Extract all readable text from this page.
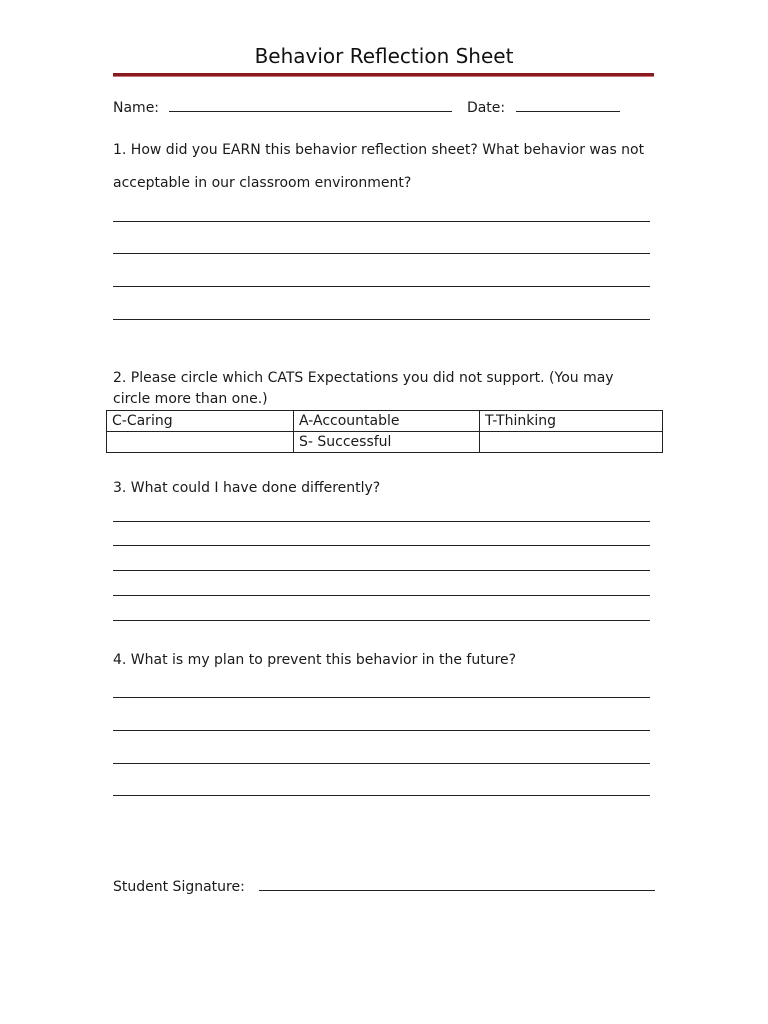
Behavior Reflection Sheet
Name:	Date:
1. How did you EARN this behavior reflection sheet? What behavior was not
acceptable in our classroom environment?
2. Please circle which CATS Expectations you did not support. (You may
circle more than one.)
C-Caring	A-Accountable	T-Thinking
	S- Successful	
3. What could I have done differently?
4. What is my plan to prevent this behavior in the future?
Student Signature:
